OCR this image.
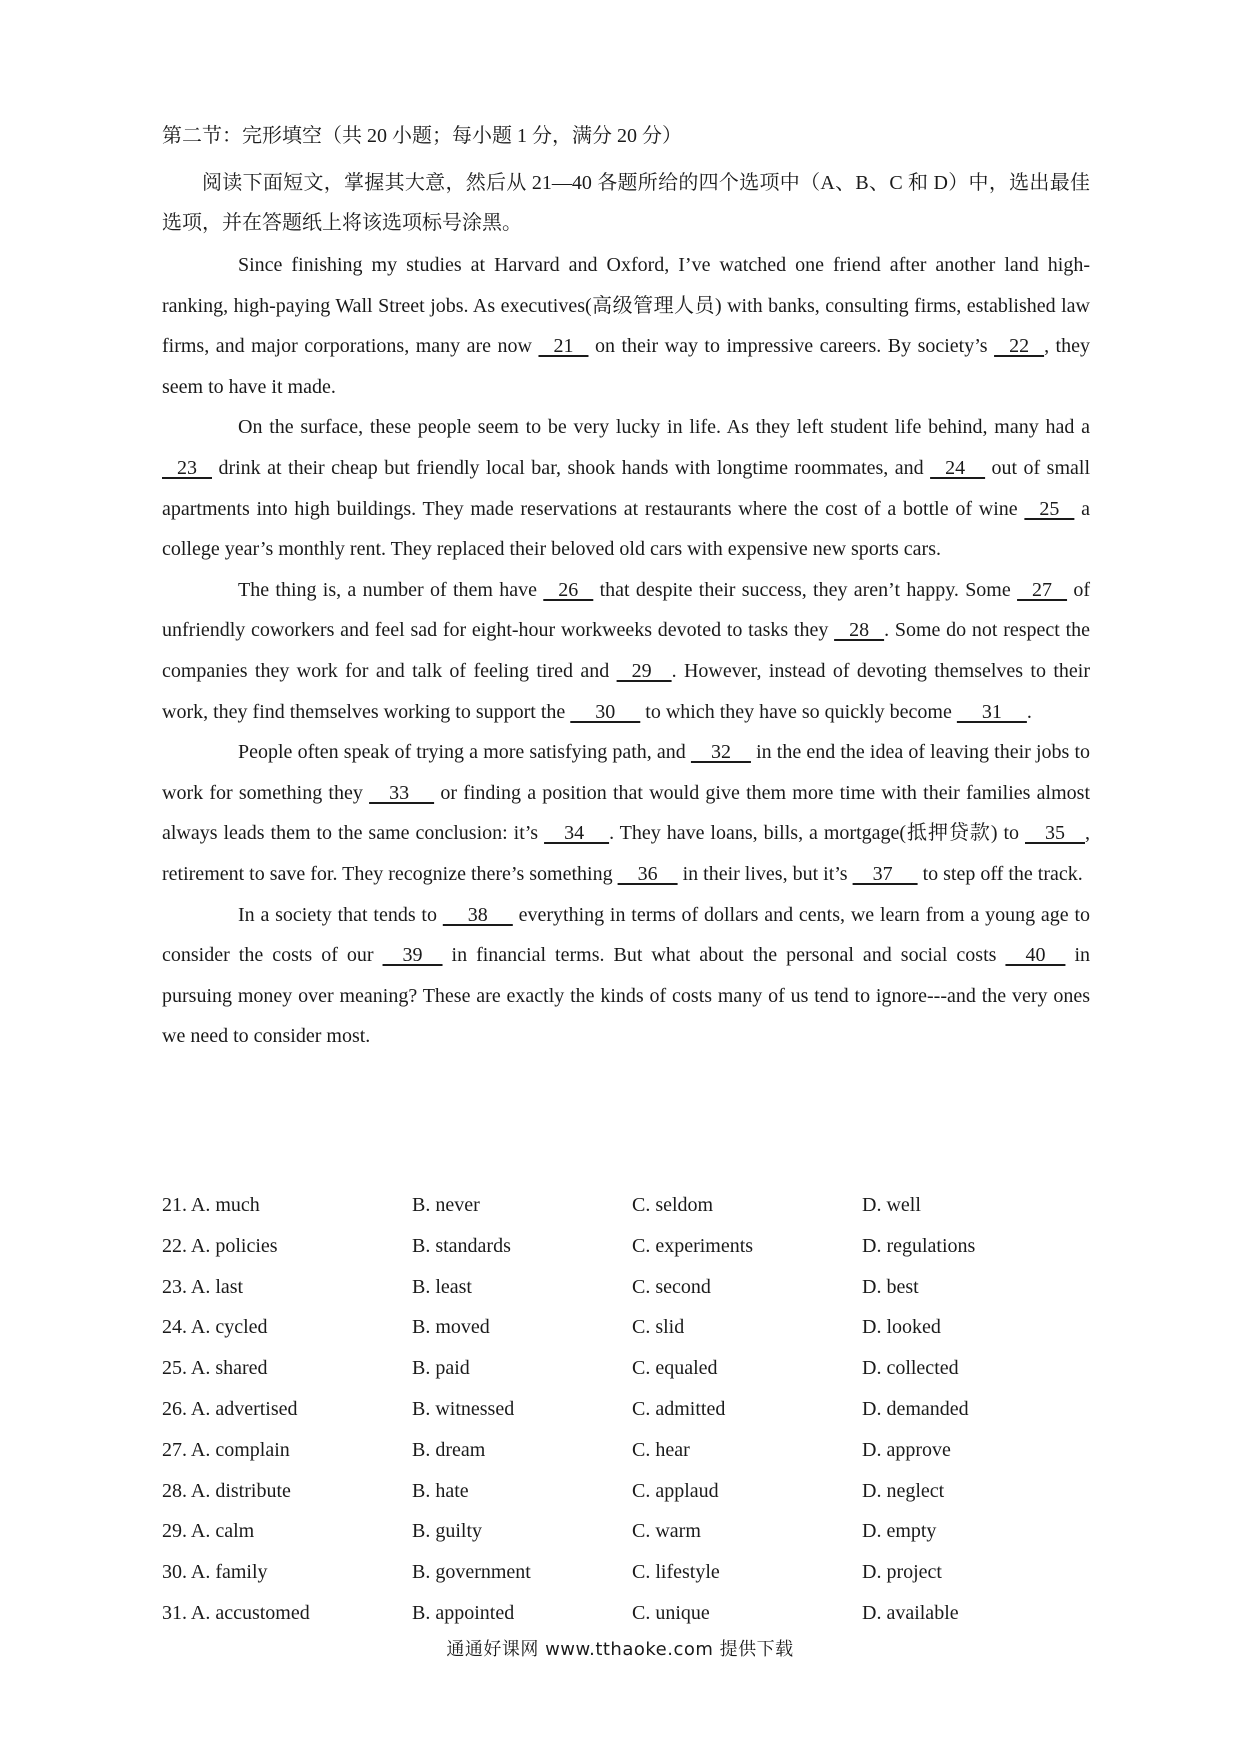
第二节：完形填空（共 20 小题；每小题 1 分，满分 20 分）
阅读下面短文，掌握其大意，然后从 21—40 各题所给的四个选项中（A、B、C 和 D）中，选出最佳选项，并在答题纸上将该选项标号涂黑。

Since finishing my studies at Harvard and Oxford, I’ve watched one friend after another land high-ranking, high-paying Wall Street jobs. As executives(高级管理人员) with banks, consulting firms, established law firms, and major corporations, many are now    21    on their way to impressive careers. By society’s    22   , they seem to have it made.

On the surface, these people seem to be very lucky in life. As they left student life behind, many had a    23    drink at their cheap but friendly local bar, shook hands with longtime roommates, and    24     out of small apartments into high buildings. They made reservations at restaurants where the cost of a bottle of wine    25    a college year’s monthly rent. They replaced their beloved old cars with expensive new sports cars.

The thing is, a number of them have    26    that despite their success, they aren’t happy. Some    27    of unfriendly coworkers and feel sad for eight-hour workweeks devoted to tasks they    28   . Some do not respect the companies they work for and talk of feeling tired and    29    . However, instead of devoting themselves to their work, they find themselves working to support the      30      to which they have so quickly become      31     .

People often speak of trying a more satisfying path, and     32     in the end the idea of leaving their jobs to work for something they     33      or finding a position that would give them more time with their families almost always leads them to the same conclusion: it’s     34     . They have loans, bills, a mortgage(抵押贷款) to     35    , retirement to save for. They recognize there’s something     36     in their lives, but it’s     37      to step off the track.

In a society that tends to      38      everything in terms of dollars and cents, we learn from a young age to consider the costs of our     39     in financial terms. But what about the personal and social costs     40     in pursuing money over meaning? These are exactly the kinds of costs many of us tend to ignore---and the very ones we need to consider most.

21. A. much	B. never	C. seldom	D. well
22. A. policies	B. standards	C. experiments	D. regulations
23. A. last	B. least	C. second	D. best
24. A. cycled	B. moved	C. slid	D. looked
25. A. shared	B. paid	C. equaled	D. collected
26. A. advertised	B. witnessed	C. admitted	D. demanded
27. A. complain	B. dream	C. hear	D. approve
28. A. distribute	B. hate	C. applaud	D. neglect
29. A. calm	B. guilty	C. warm	D. empty
30. A. family	B. government	C. lifestyle	D. project
31. A. accustomed	B. appointed	C. unique	D. available
通通好课网 www.tthaoke.com 提供下载
